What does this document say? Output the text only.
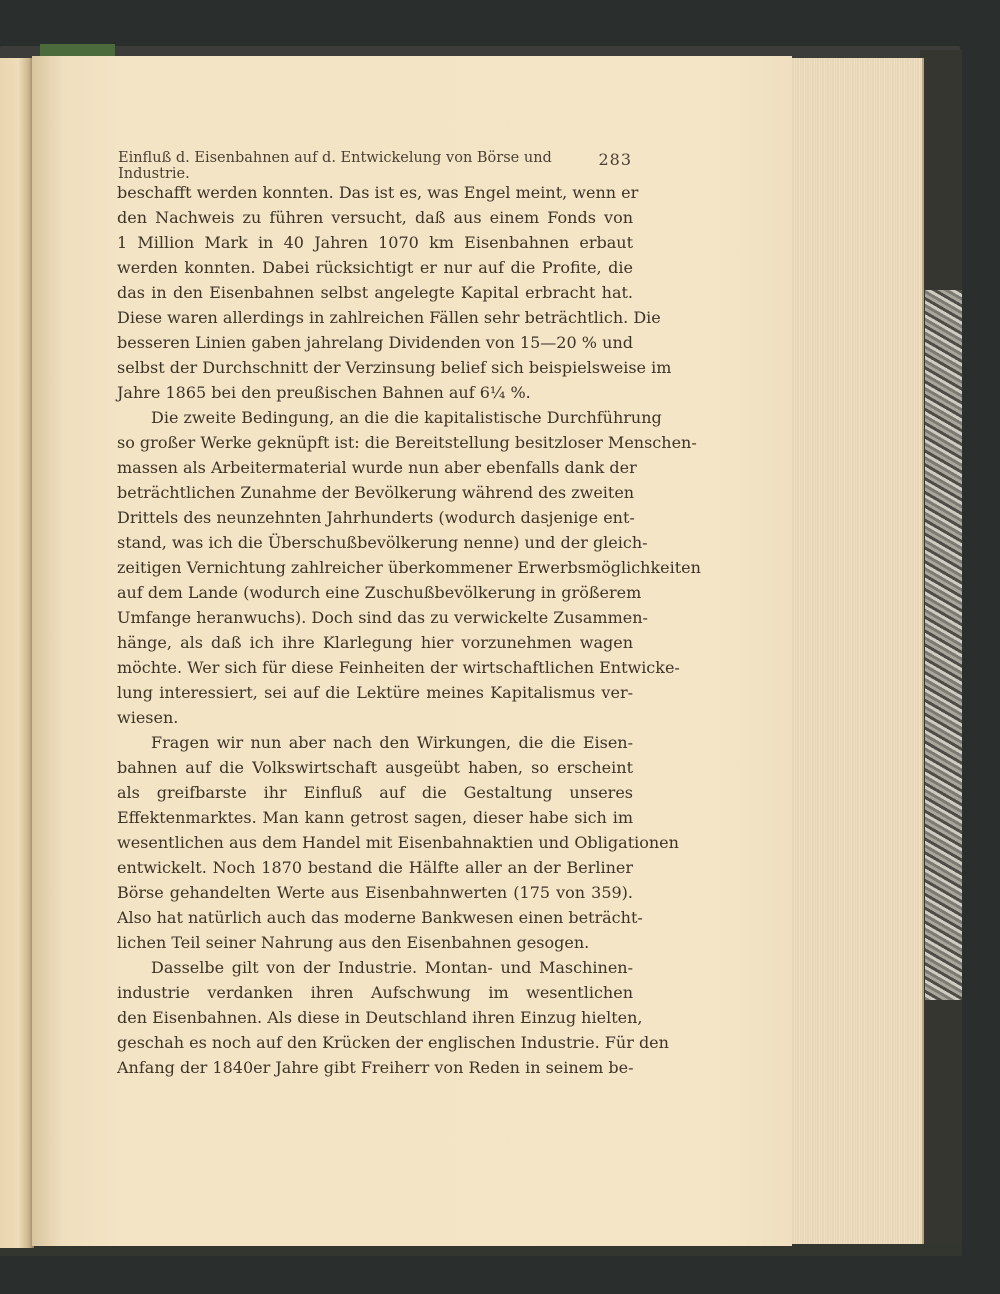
Einfluß d. Eisenbahnen auf d. Entwickelung von Börse und Industrie.
283
beschafft werden konnten. Das ist es, was Engel meint, wenn er
den Nachweis zu führen versucht, daß aus einem Fonds von
1 Million Mark in 40 Jahren 1070 km Eisenbahnen erbaut
werden konnten. Dabei rücksichtigt er nur auf die Profite, die
das in den Eisenbahnen selbst angelegte Kapital erbracht hat.
Diese waren allerdings in zahlreichen Fällen sehr beträchtlich. Die
besseren Linien gaben jahrelang Dividenden von 15—20 % und
selbst der Durchschnitt der Verzinsung belief sich beispielsweise im
Jahre 1865 bei den preußischen Bahnen auf 6¼ %.
Die zweite Bedingung, an die die kapitalistische Durchführung
so großer Werke geknüpft ist: die Bereitstellung besitzloser Menschen-
massen als Arbeitermaterial wurde nun aber ebenfalls dank der
beträchtlichen Zunahme der Bevölkerung während des zweiten
Drittels des neunzehnten Jahrhunderts (wodurch dasjenige ent-
stand, was ich die Überschußbevölkerung nenne) und der gleich-
zeitigen Vernichtung zahlreicher überkommener Erwerbsmöglichkeiten
auf dem Lande (wodurch eine Zuschußbevölkerung in größerem
Umfange heranwuchs). Doch sind das zu verwickelte Zusammen-
hänge, als daß ich ihre Klarlegung hier vorzunehmen wagen
möchte. Wer sich für diese Feinheiten der wirtschaftlichen Entwicke-
lung interessiert, sei auf die Lektüre meines Kapitalismus ver-
wiesen.
Fragen wir nun aber nach den Wirkungen, die die Eisen-
bahnen auf die Volkswirtschaft ausgeübt haben, so erscheint
als greifbarste ihr Einfluß auf die Gestaltung unseres
Effektenmarktes. Man kann getrost sagen, dieser habe sich im
wesentlichen aus dem Handel mit Eisenbahnaktien und Obligationen
entwickelt. Noch 1870 bestand die Hälfte aller an der Berliner
Börse gehandelten Werte aus Eisenbahnwerten (175 von 359).
Also hat natürlich auch das moderne Bankwesen einen beträcht-
lichen Teil seiner Nahrung aus den Eisenbahnen gesogen.
Dasselbe gilt von der Industrie. Montan- und Maschinen-
industrie verdanken ihren Aufschwung im wesentlichen
den Eisenbahnen. Als diese in Deutschland ihren Einzug hielten,
geschah es noch auf den Krücken der englischen Industrie. Für den
Anfang der 1840er Jahre gibt Freiherr von Reden in seinem be-
